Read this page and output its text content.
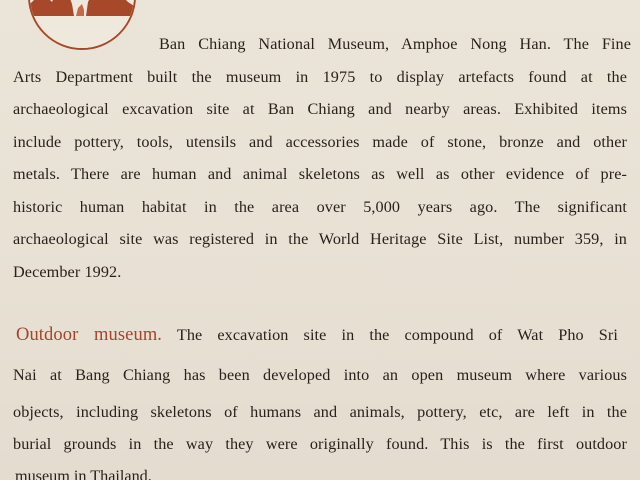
Ban Chiang National Museum, Amphoe Nong Han. The Fine
Arts Department built the museum in 1975 to display artefacts found at the
archaeological excavation site at Ban Chiang and nearby areas. Exhibited items
include pottery, tools, utensils and accessories made of stone, bronze and other
metals. There are human and animal skeletons as well as other evidence of pre-
historic human habitat in the area over 5,000 years ago. The significant
archaeological site was registered in the World Heritage Site List, number 359, in
December 1992.
Outdoor museum. The excavation site in the compound of Wat Pho Sri
Nai at Bang Chiang has been developed into an open museum where various
objects, including skeletons of humans and animals, pottery, etc, are left in the
burial grounds in the way they were originally found. This is the first outdoor
museum in Thailand.
